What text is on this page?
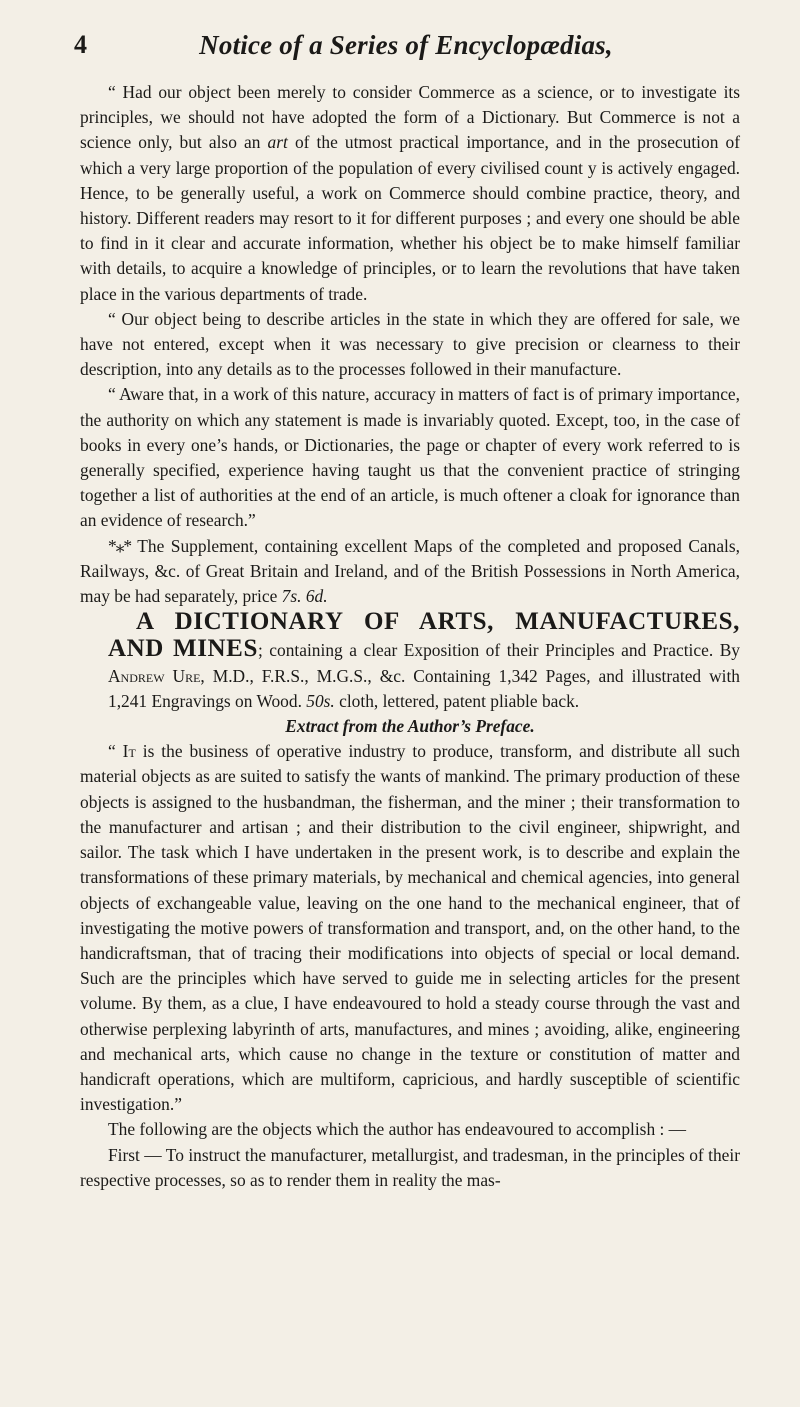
4	Notice of a Series of Encyclopædias,

“ Had our object been merely to consider Commerce as a science, or to investigate its principles, we should not have adopted the form of a Dictionary. But Commerce is not a science only, but also an art of the utmost practical importance, and in the prosecution of which a very large proportion of the population of every civilised count y is actively engaged. Hence, to be generally useful, a work on Commerce should combine practice, theory, and history. Different readers may resort to it for different purposes ; and every one should be able to find in it clear and accurate information, whether his object be to make himself familiar with details, to acquire a knowledge of principles, or to learn the revolutions that have taken place in the various departments of trade.

“ Our object being to describe articles in the state in which they are offered for sale, we have not entered, except when it was necessary to give precision or clearness to their description, into any details as to the processes followed in their manufacture.

“ Aware that, in a work of this nature, accuracy in matters of fact is of primary importance, the authority on which any statement is made is invariably quoted. Except, too, in the case of books in every one’s hands, or Dictionaries, the page or chapter of every work referred to is generally specified, experience having taught us that the convenient practice of stringing together a list of authorities at the end of an article, is much oftener a cloak for ignorance than an evidence of research.”

*⁎* The Supplement, containing excellent Maps of the completed and proposed Canals, Railways, &c. of Great Britain and Ireland, and of the British Possessions in North America, may be had separately, price 7s. 6d.

A DICTIONARY OF ARTS, MANUFACTURES, AND MINES; containing a clear Exposition of their Principles and Practice. By Andrew Ure, M.D., F.R.S., M.G.S., &c. Containing 1,342 Pages, and illustrated with 1,241 Engravings on Wood. 50s. cloth, lettered, patent pliable back.

Extract from the Author’s Preface.

“ It is the business of operative industry to produce, transform, and distribute all such material objects as are suited to satisfy the wants of mankind. The primary production of these objects is assigned to the husbandman, the fisherman, and the miner ; their transformation to the manufacturer and artisan ; and their distribution to the civil engineer, shipwright, and sailor. The task which I have undertaken in the present work, is to describe and explain the transformations of these primary materials, by mechanical and chemical agencies, into general objects of exchangeable value, leaving on the one hand to the mechanical engineer, that of investigating the motive powers of transformation and transport, and, on the other hand, to the handicraftsman, that of tracing their modifications into objects of special or local demand. Such are the principles which have served to guide me in selecting articles for the present volume. By them, as a clue, I have endeavoured to hold a steady course through the vast and otherwise perplexing labyrinth of arts, manufactures, and mines ; avoiding, alike, engineering and mechanical arts, which cause no change in the texture or constitution of matter and handicraft operations, which are multiform, capricious, and hardly susceptible of scientific investigation.”

The following are the objects which the author has endeavoured to accomplish : —

First — To instruct the manufacturer, metallurgist, and tradesman, in the principles of their respective processes, so as to render them in reality the mas-
